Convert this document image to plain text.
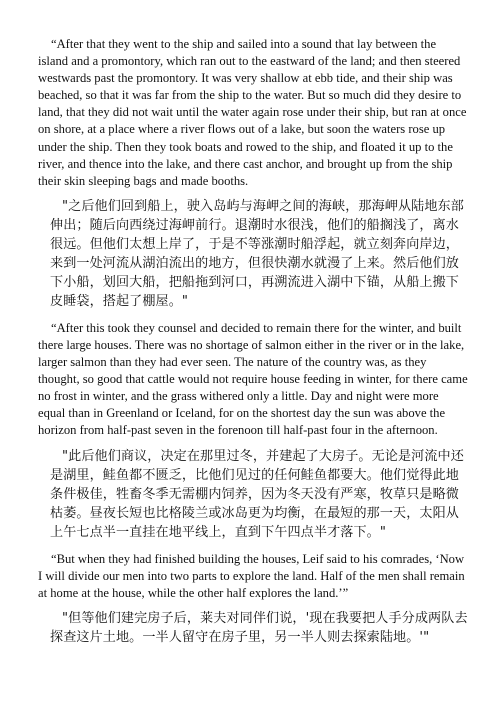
“After that they went to the ship and sailed into a sound that lay between the island and a promontory, which ran out to the eastward of the land; and then steered westwards past the promontory. It was very shallow at ebb tide, and their ship was beached, so that it was far from the ship to the water. But so much did they desire to land, that they did not wait until the water again rose under their ship, but ran at once on shore, at a place where a river flows out of a lake, but soon the waters rose up under the ship. Then they took boats and rowed to the ship, and floated it up to the river, and thence into the lake, and there cast anchor, and brought up from the ship their skin sleeping bags and made booths.

"之后他们回到船上，驶入岛屿与海岬之间的海峡，那海岬从陆地东部伸出；随后向西绕过海岬前行。退潮时水很浅，他们的船搁浅了，离水很远。但他们太想上岸了，于是不等涨潮时船浮起，就立刻奔向岸边，来到一处河流从湖泊流出的地方，但很快潮水就漫了上来。然后他们放下小船，划回大船，把船拖到河口，再溯流进入湖中下锚，从船上搬下皮睡袋，搭起了棚屋。"

“After this took they counsel and decided to remain there for the winter, and built there large houses. There was no shortage of salmon either in the river or in the lake, larger salmon than they had ever seen. The nature of the country was, as they thought, so good that cattle would not require house feeding in winter, for there came no frost in winter, and the grass withered only a little. Day and night were more equal than in Greenland or Iceland, for on the shortest day the sun was above the horizon from half-past seven in the forenoon till half-past four in the afternoon.

"此后他们商议，决定在那里过冬，并建起了大房子。无论是河流中还是湖里，鲑鱼都不匮乏，比他们见过的任何鲑鱼都要大。他们觉得此地条件极佳，牲畜冬季无需棚内饲养，因为冬天没有严寒，牧草只是略微枯萎。昼夜长短也比格陵兰或冰岛更为均衡，在最短的那一天，太阳从上午七点半一直挂在地平线上，直到下午四点半才落下。"

“But when they had finished building the houses, Leif said to his comrades, ‘Now I will divide our men into two parts to explore the land. Half of the men shall remain at home at the house, while the other half explores the land.’”

"但等他们建完房子后，莱夫对同伴们说，'现在我要把人手分成两队去探查这片土地。一半人留守在房子里，另一半人则去探索陆地。'"
